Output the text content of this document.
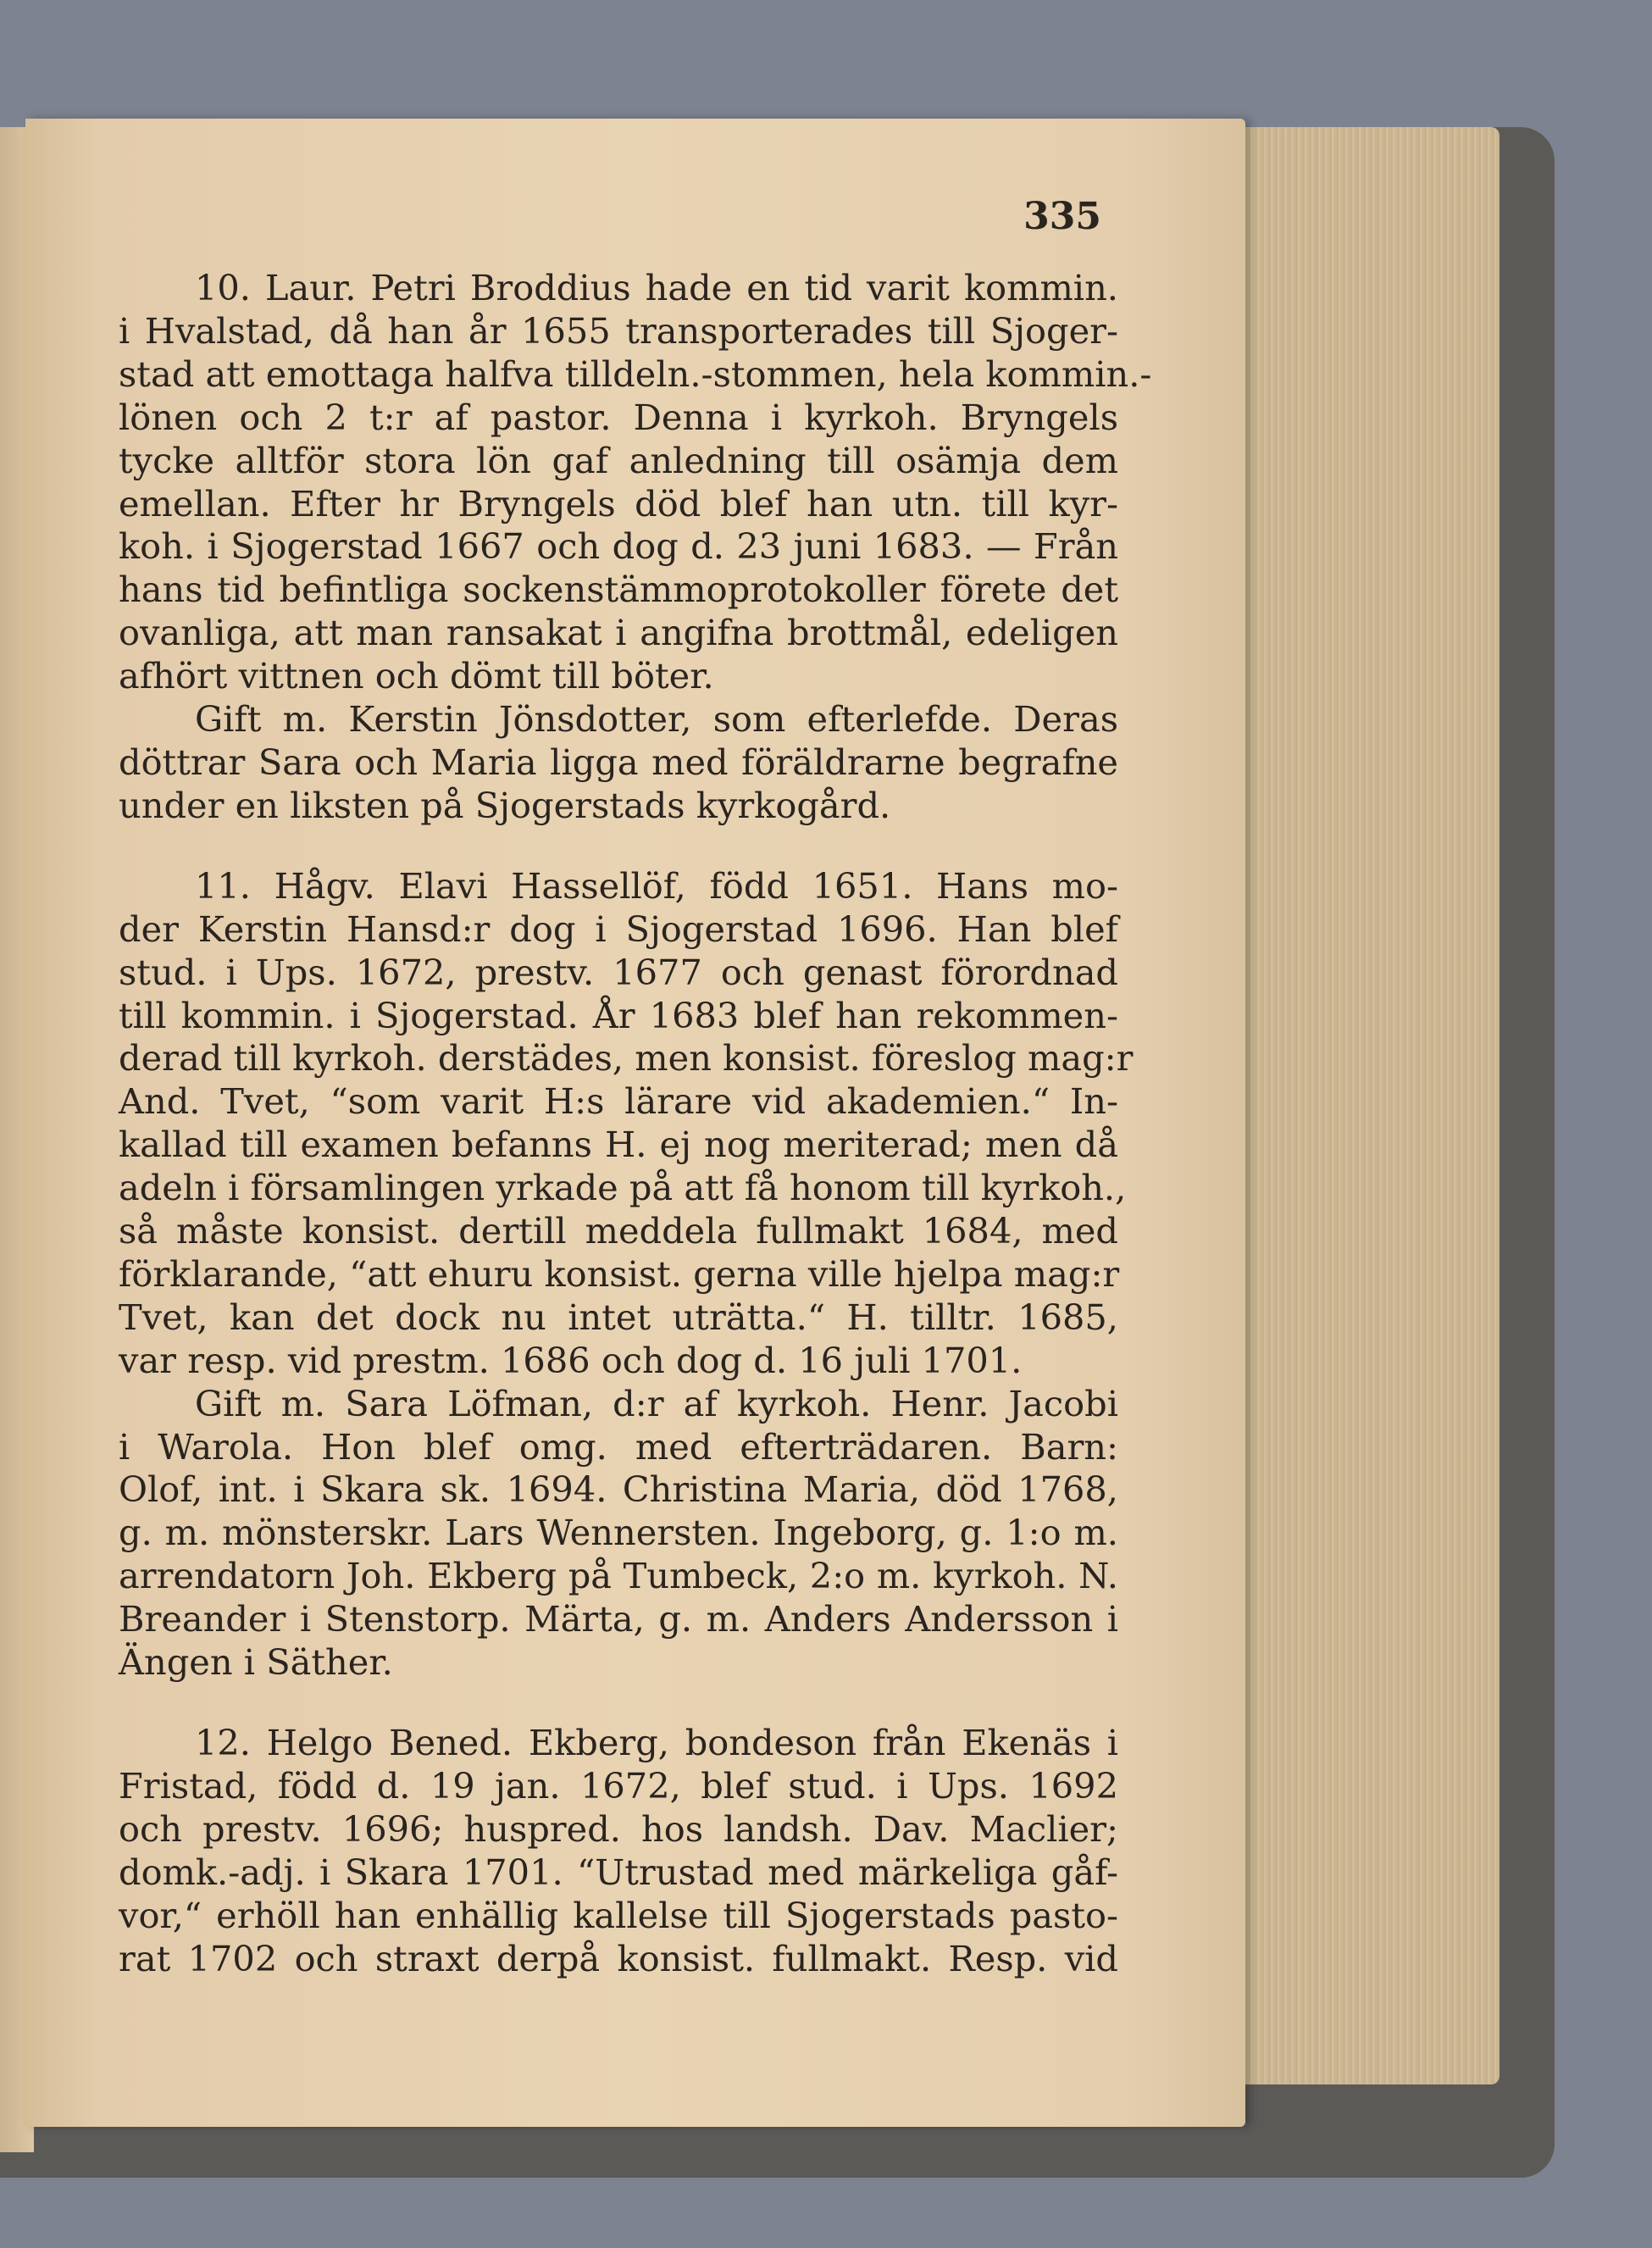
335

10. Laur. Petri Broddius hade en tid varit kommin.
i Hvalstad, då han år 1655 transporterades till Sjoger-
stad att emottaga halfva tilldeln.-stommen, hela kommin.-
lönen och 2 t:r af pastor. Denna i kyrkoh. Bryngels
tycke alltför stora lön gaf anledning till osämja dem
emellan. Efter hr Bryngels död blef han utn. till kyr-
koh. i Sjogerstad 1667 och dog d. 23 juni 1683. — Från
hans tid befintliga sockenstämmoprotokoller förete det
ovanliga, att man ransakat i angifna brottmål, edeligen
afhört vittnen och dömt till böter.

Gift m. Kerstin Jönsdotter, som efterlefde. Deras
döttrar Sara och Maria ligga med föräldrarne begrafne
under en liksten på Sjogerstads kyrkogård.

11. Hågv. Elavi Hassellöf, född 1651. Hans mo-
der Kerstin Hansd:r dog i Sjogerstad 1696. Han blef
stud. i Ups. 1672, prestv. 1677 och genast förordnad
till kommin. i Sjogerstad. År 1683 blef han rekommen-
derad till kyrkoh. derstädes, men konsist. föreslog mag:r
And. Tvet, “som varit H:s lärare vid akademien.“ In-
kallad till examen befanns H. ej nog meriterad; men då
adeln i församlingen yrkade på att få honom till kyrkoh.,
så måste konsist. dertill meddela fullmakt 1684, med
förklarande, “att ehuru konsist. gerna ville hjelpa mag:r
Tvet, kan det dock nu intet uträtta.“ H. tilltr. 1685,
var resp. vid prestm. 1686 och dog d. 16 juli 1701.

Gift m. Sara Löfman, d:r af kyrkoh. Henr. Jacobi
i Warola. Hon blef omg. med efterträdaren. Barn:
Olof, int. i Skara sk. 1694. Christina Maria, död 1768,
g. m. mönsterskr. Lars Wennersten. Ingeborg, g. 1:o m.
arrendatorn Joh. Ekberg på Tumbeck, 2:o m. kyrkoh. N.
Breander i Stenstorp. Märta, g. m. Anders Andersson i
Ängen i Säther.

12. Helgo Bened. Ekberg, bondeson från Ekenäs i
Fristad, född d. 19 jan. 1672, blef stud. i Ups. 1692
och prestv. 1696; huspred. hos landsh. Dav. Maclier;
domk.-adj. i Skara 1701. “Utrustad med märkeliga gåf-
vor,“ erhöll han enhällig kallelse till Sjogerstads pasto-
rat 1702 och straxt derpå konsist. fullmakt. Resp. vid
